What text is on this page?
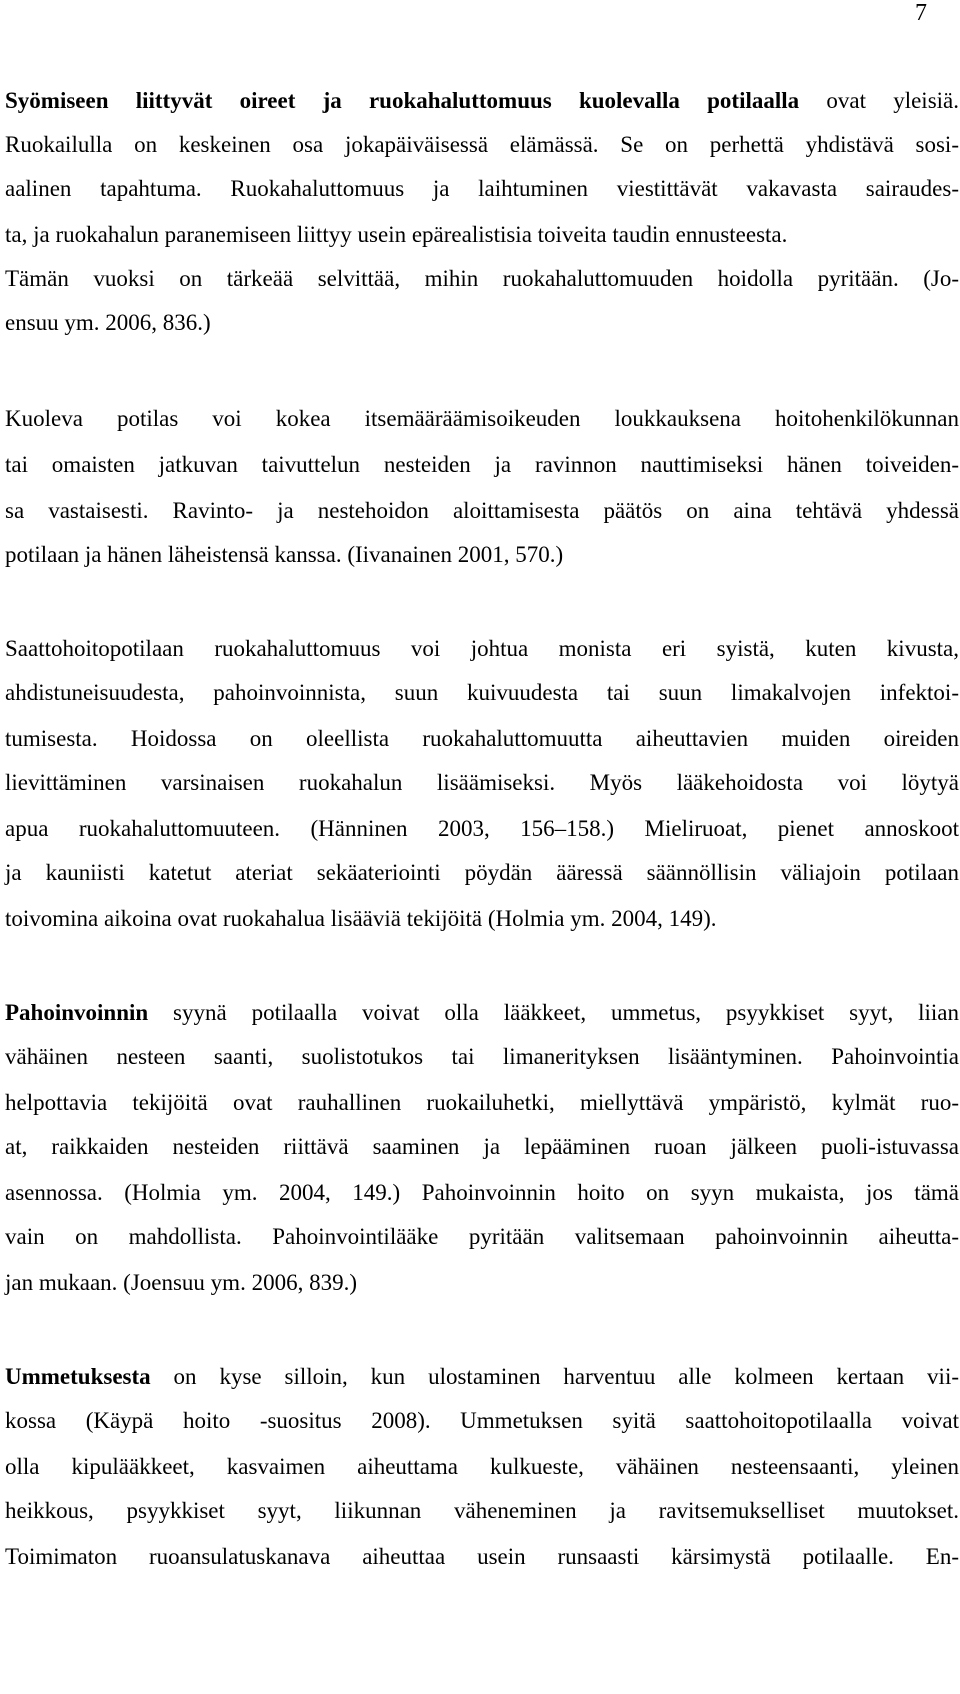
7
Syömiseen liittyvät oireet ja ruokahaluttomuus kuolevalla potilaalla ovat yleisiä.
Ruokailulla on keskeinen osa jokapäiväisessä elämässä. Se on perhettä yhdistävä sosi-
aalinen tapahtuma. Ruokahaluttomuus ja laihtuminen viestittävät vakavasta sairaudes-
ta, ja ruokahalun paranemiseen liittyy usein epärealistisia toiveita taudin ennusteesta.
Tämän vuoksi on tärkeää selvittää, mihin ruokahaluttomuuden hoidolla pyritään. (Jo-
ensuu ym. 2006, 836.)
Kuoleva potilas voi kokea itsemääräämisoikeuden loukkauksena hoitohenkilökunnan
tai omaisten jatkuvan taivuttelun nesteiden ja ravinnon nauttimiseksi hänen toiveiden-
sa vastaisesti. Ravinto- ja nestehoidon aloittamisesta päätös on aina tehtävä yhdessä
potilaan ja hänen läheistensä kanssa. (Iivanainen 2001, 570.)
Saattohoitopotilaan ruokahaluttomuus voi johtua monista eri syistä, kuten kivusta,
ahdistuneisuudesta, pahoinvoinnista, suun kuivuudesta tai suun limakalvojen infektoi-
tumisesta. Hoidossa on oleellista ruokahaluttomuutta aiheuttavien muiden oireiden
lievittäminen varsinaisen ruokahalun lisäämiseksi. Myös lääkehoidosta voi löytyä
apua ruokahaluttomuuteen. (Hänninen 2003, 156–158.) Mieliruoat, pienet annoskoot
ja kauniisti katetut ateriat sekäateriointi pöydän ääressä säännöllisin väliajoin potilaan
toivomina aikoina ovat ruokahalua lisääviä tekijöitä (Holmia ym. 2004, 149).
Pahoinvoinnin syynä potilaalla voivat olla lääkkeet, ummetus, psyykkiset syyt, liian
vähäinen nesteen saanti, suolistotukos tai limanerityksen lisääntyminen. Pahoinvointia
helpottavia tekijöitä ovat rauhallinen ruokailuhetki, miellyttävä ympäristö, kylmät ruo-
at, raikkaiden nesteiden riittävä saaminen ja lepääminen ruoan jälkeen puoli-istuvassa
asennossa. (Holmia ym. 2004, 149.) Pahoinvoinnin hoito on syyn mukaista, jos tämä
vain on mahdollista. Pahoinvointilääke pyritään valitsemaan pahoinvoinnin aiheutta-
jan mukaan. (Joensuu ym. 2006, 839.)
Ummetuksesta on kyse silloin, kun ulostaminen harventuu alle kolmeen kertaan vii-
kossa (Käypä hoito -suositus 2008). Ummetuksen syitä saattohoitopotilaalla voivat
olla kipulääkkeet, kasvaimen aiheuttama kulkueste, vähäinen nesteensaanti, yleinen
heikkous, psyykkiset syyt, liikunnan väheneminen ja ravitsemukselliset muutokset.
Toimimaton ruoansulatuskanava aiheuttaa usein runsaasti kärsimystä potilaalle. En-
